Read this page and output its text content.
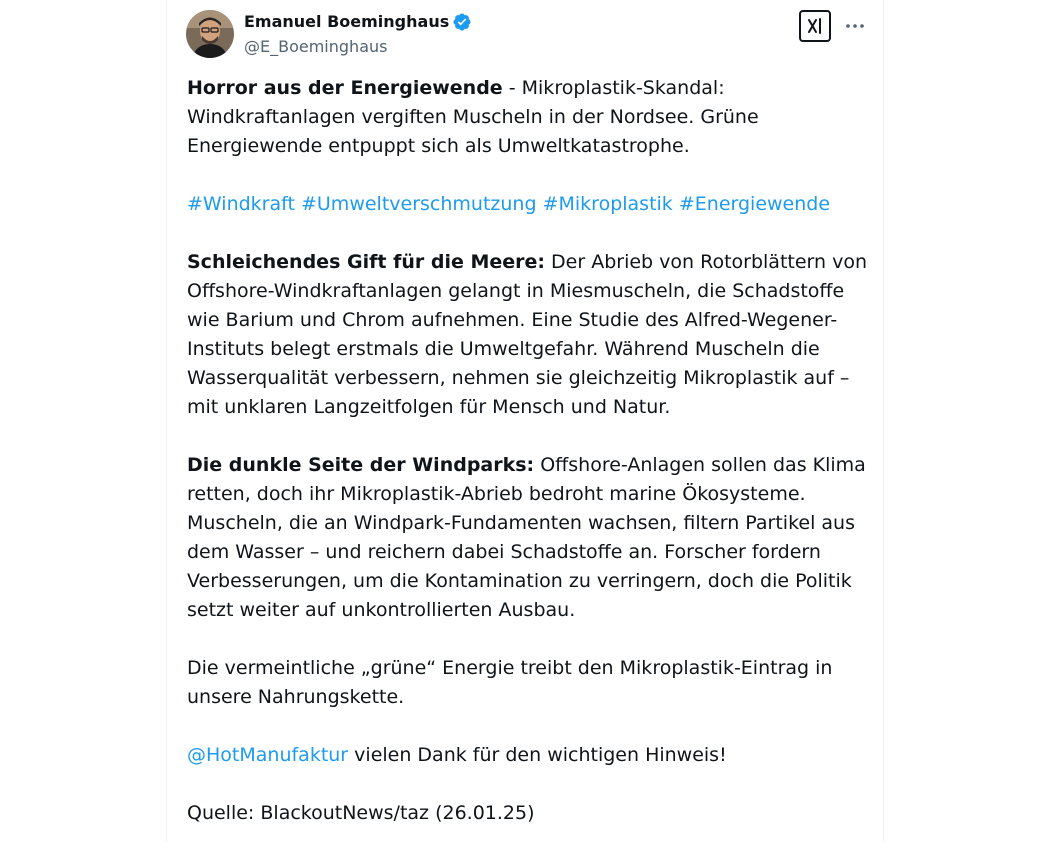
Emanuel Boeminghaus
@E_Boeminghaus

Horror aus der Energiewende - Mikroplastik-Skandal: Windkraftanlagen vergiften Muscheln in der Nordsee. Grüne Energiewende entpuppt sich als Umweltkatastrophe.

#Windkraft #Umweltverschmutzung #Mikroplastik #Energiewende

Schleichendes Gift für die Meere: Der Abrieb von Rotorblättern von Offshore-Windkraftanlagen gelangt in Miesmuscheln, die Schadstoffe wie Barium und Chrom aufnehmen. Eine Studie des Alfred-Wegener-Instituts belegt erstmals die Umweltgefahr. Während Muscheln die Wasserqualität verbessern, nehmen sie gleichzeitig Mikroplastik auf – mit unklaren Langzeitfolgen für Mensch und Natur.

Die dunkle Seite der Windparks: Offshore-Anlagen sollen das Klima retten, doch ihr Mikroplastik-Abrieb bedroht marine Ökosysteme. Muscheln, die an Windpark-Fundamenten wachsen, filtern Partikel aus dem Wasser – und reichern dabei Schadstoffe an. Forscher fordern Verbesserungen, um die Kontamination zu verringern, doch die Politik setzt weiter auf unkontrollierten Ausbau.

Die vermeintliche „grüne“ Energie treibt den Mikroplastik-Eintrag in unsere Nahrungskette.

@HotManufaktur vielen Dank für den wichtigen Hinweis!

Quelle: BlackoutNews/taz (26.01.25)
